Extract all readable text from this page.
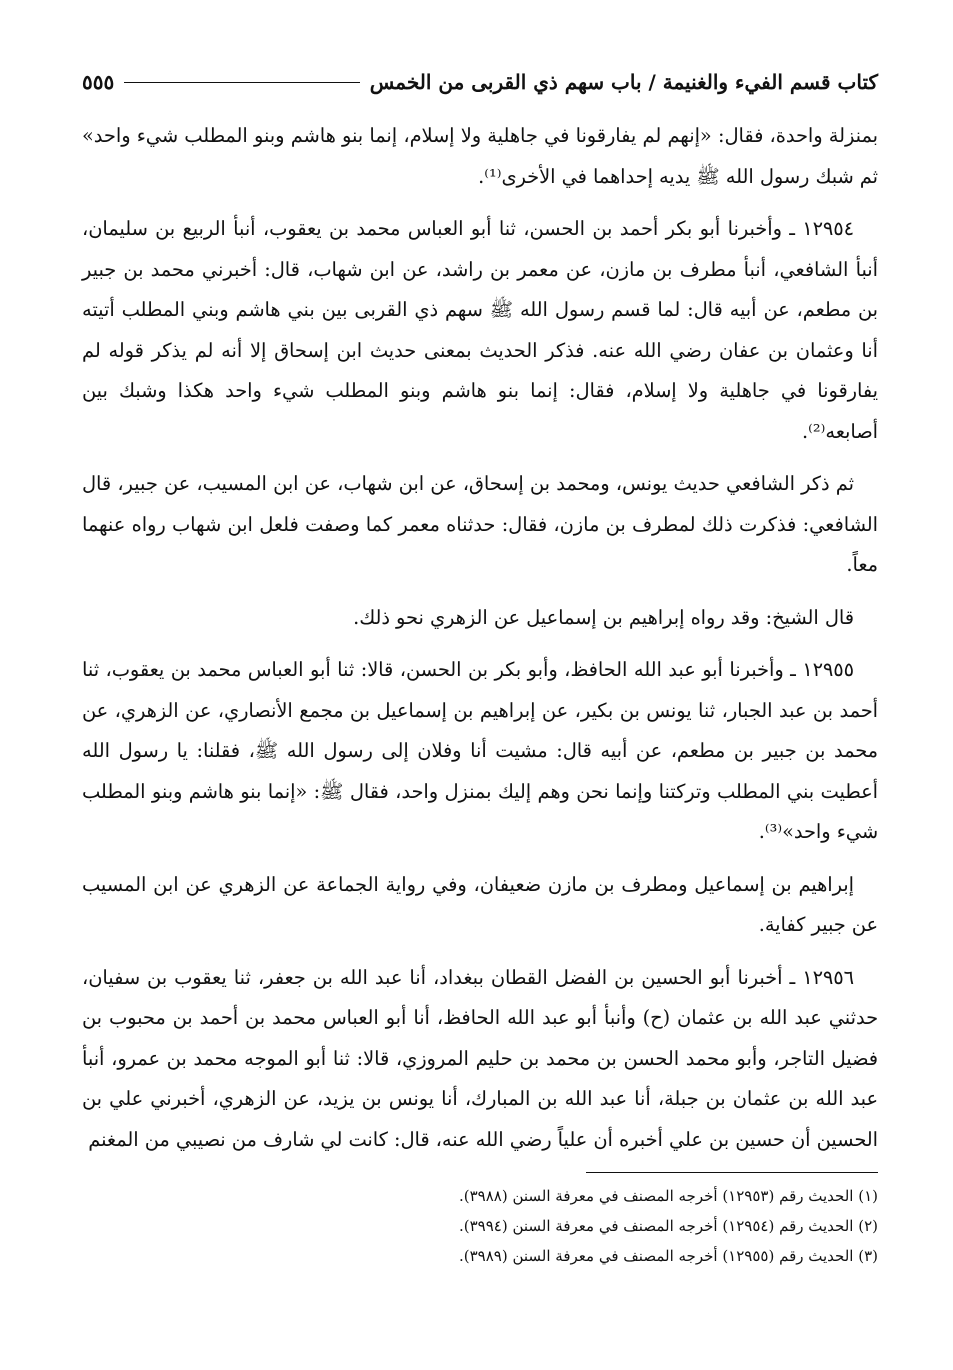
كتاب قسم الفيء والغنيمة / باب سهم ذي القربى من الخمس
٥٥٥

بمنزلة واحدة، فقال: «إنهم لم يفارقونا في جاهلية ولا إسلام، إنما بنو هاشم وبنو المطلب شيء واحد» ثم شبك رسول الله ﷺ يديه إحداهما في الأخرى⁽¹⁾.

١٢٩٥٤ ـ وأخبرنا أبو بكر أحمد بن الحسن، ثنا أبو العباس محمد بن يعقوب، أنبأ الربيع بن سليمان، أنبأ الشافعي، أنبأ مطرف بن مازن، عن معمر بن راشد، عن ابن شهاب، قال: أخبرني محمد بن جبير بن مطعم، عن أبيه قال: لما قسم رسول الله ﷺ سهم ذي القربى بين بني هاشم وبني المطلب أتيته أنا وعثمان بن عفان رضي الله عنه. فذكر الحديث بمعنى حديث ابن إسحاق إلا أنه لم يذكر قوله لم يفارقونا في جاهلية ولا إسلام، فقال: إنما بنو هاشم وبنو المطلب شيء واحد هكذا وشبك بين أصابعه⁽²⁾.

ثم ذكر الشافعي حديث يونس، ومحمد بن إسحاق، عن ابن شهاب، عن ابن المسيب، عن جبير، قال الشافعي: فذكرت ذلك لمطرف بن مازن، فقال: حدثناه معمر كما وصفت فلعل ابن شهاب رواه عنهما معاً.

قال الشيخ: وقد رواه إبراهيم بن إسماعيل عن الزهري نحو ذلك.

١٢٩٥٥ ـ وأخبرنا أبو عبد الله الحافظ، وأبو بكر بن الحسن، قالا: ثنا أبو العباس محمد بن يعقوب، ثنا أحمد بن عبد الجبار، ثنا يونس بن بكير، عن إبراهيم بن إسماعيل بن مجمع الأنصاري، عن الزهري، عن محمد بن جبير بن مطعم، عن أبيه قال: مشيت أنا وفلان إلى رسول الله ﷺ، فقلنا: يا رسول الله أعطيت بني المطلب وتركتنا وإنما نحن وهم إليك بمنزل واحد، فقال ﷺ: «إنما بنو هاشم وبنو المطلب شيء واحد»⁽³⁾.

إبراهيم بن إسماعيل ومطرف بن مازن ضعيفان، وفي رواية الجماعة عن الزهري عن ابن المسيب عن جبير كفاية.

١٢٩٥٦ ـ أخبرنا أبو الحسين بن الفضل القطان ببغداد، أنا عبد الله بن جعفر، ثنا يعقوب بن سفيان، حدثني عبد الله بن عثمان (ح) وأنبأ أبو عبد الله الحافظ، أنا أبو العباس محمد بن أحمد بن محبوب بن فضيل التاجر، وأبو محمد الحسن بن محمد بن حليم المروزي، قالا: ثنا أبو الموجه محمد بن عمرو، أنبأ عبد الله بن عثمان بن جبلة، أنا عبد الله بن المبارك، أنا يونس بن يزيد، عن الزهري، أخبرني علي بن الحسين أن حسين بن علي أخبره أن علياً رضي الله عنه، قال: كانت لي شارف من نصيبي من المغنم

(١) الحديث رقم (١٢٩٥٣) أخرجه المصنف في معرفة السنن (٣٩٨٨).

(٢) الحديث رقم (١٢٩٥٤) أخرجه المصنف في معرفة السنن (٣٩٩٤).

(٣) الحديث رقم (١٢٩٥٥) أخرجه المصنف في معرفة السنن (٣٩٨٩).
